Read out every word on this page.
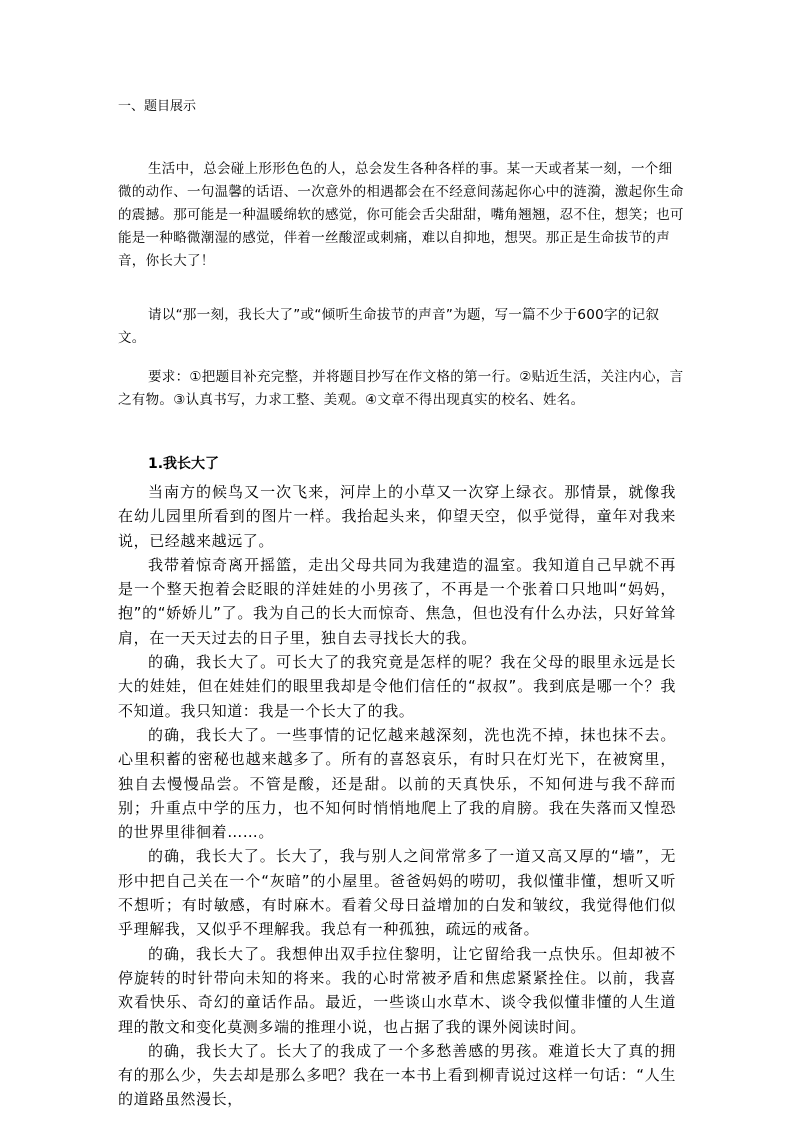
一、题目展示

生活中，总会碰上形形色色的人，总会发生各种各样的事。某一天或者某一刻，一个细微的动作、一句温馨的话语、一次意外的相遇都会在不经意间荡起你心中的涟漪，激起你生命的震撼。那可能是一种温暖绵软的感觉，你可能会舌尖甜甜，嘴角翘翘，忍不住，想笑；也可能是一种略微潮湿的感觉，伴着一丝酸涩或刺痛，难以自抑地，想哭。那正是生命拔节的声音，你长大了！

请以“那一刻，我长大了”或“倾听生命拔节的声音”为题，写一篇不少于600字的记叙文。

要求：①把题目补充完整，并将题目抄写在作文格的第一行。②贴近生活，关注内心，言之有物。③认真书写，力求工整、美观。④文章不得出现真实的校名、姓名。

1.我长大了

当南方的候鸟又一次飞来，河岸上的小草又一次穿上绿衣。那情景，就像我在幼儿园里所看到的图片一样。我抬起头来，仰望天空，似乎觉得，童年对我来说，已经越来越远了。

我带着惊奇离开摇篮，走出父母共同为我建造的温室。我知道自己早就不再是一个整天抱着会眨眼的洋娃娃的小男孩了，不再是一个张着口只地叫“妈妈，抱”的“娇娇儿”了。我为自己的长大而惊奇、焦急，但也没有什么办法，只好耸耸肩，在一天天过去的日子里，独自去寻找长大的我。

的确，我长大了。可长大了的我究竟是怎样的呢？我在父母的眼里永远是长大的娃娃，但在娃娃们的眼里我却是令他们信任的“叔叔”。我到底是哪一个？我不知道。我只知道：我是一个长大了的我。

的确，我长大了。一些事情的记忆越来越深刻，洗也洗不掉，抹也抹不去。心里积蓄的密秘也越来越多了。所有的喜怒哀乐，有时只在灯光下，在被窝里，独自去慢慢品尝。不管是酸，还是甜。以前的天真快乐，不知何进与我不辞而别；升重点中学的压力，也不知何时悄悄地爬上了我的肩膀。我在失落而又惶恐的世界里徘徊着……。

的确，我长大了。长大了，我与别人之间常常多了一道又高又厚的“墙”，无形中把自己关在一个“灰暗”的小屋里。爸爸妈妈的唠叨，我似懂非懂，想听又听不想听；有时敏感，有时麻木。看着父母日益增加的白发和皱纹，我觉得他们似乎理解我，又似乎不理解我。我总有一种孤独，疏远的戒备。

的确，我长大了。我想伸出双手拉住黎明，让它留给我一点快乐。但却被不停旋转的时针带向未知的将来。我的心时常被矛盾和焦虑紧紧拴住。以前，我喜欢看快乐、奇幻的童话作品。最近，一些谈山水草木、谈令我似懂非懂的人生道理的散文和变化莫测多端的推理小说，也占据了我的课外阅读时间。

的确，我长大了。长大了的我成了一个多愁善感的男孩。难道长大了真的拥有的那么少，失去却是那么多吧？我在一本书上看到柳青说过这样一句话：“人生的道路虽然漫长，
